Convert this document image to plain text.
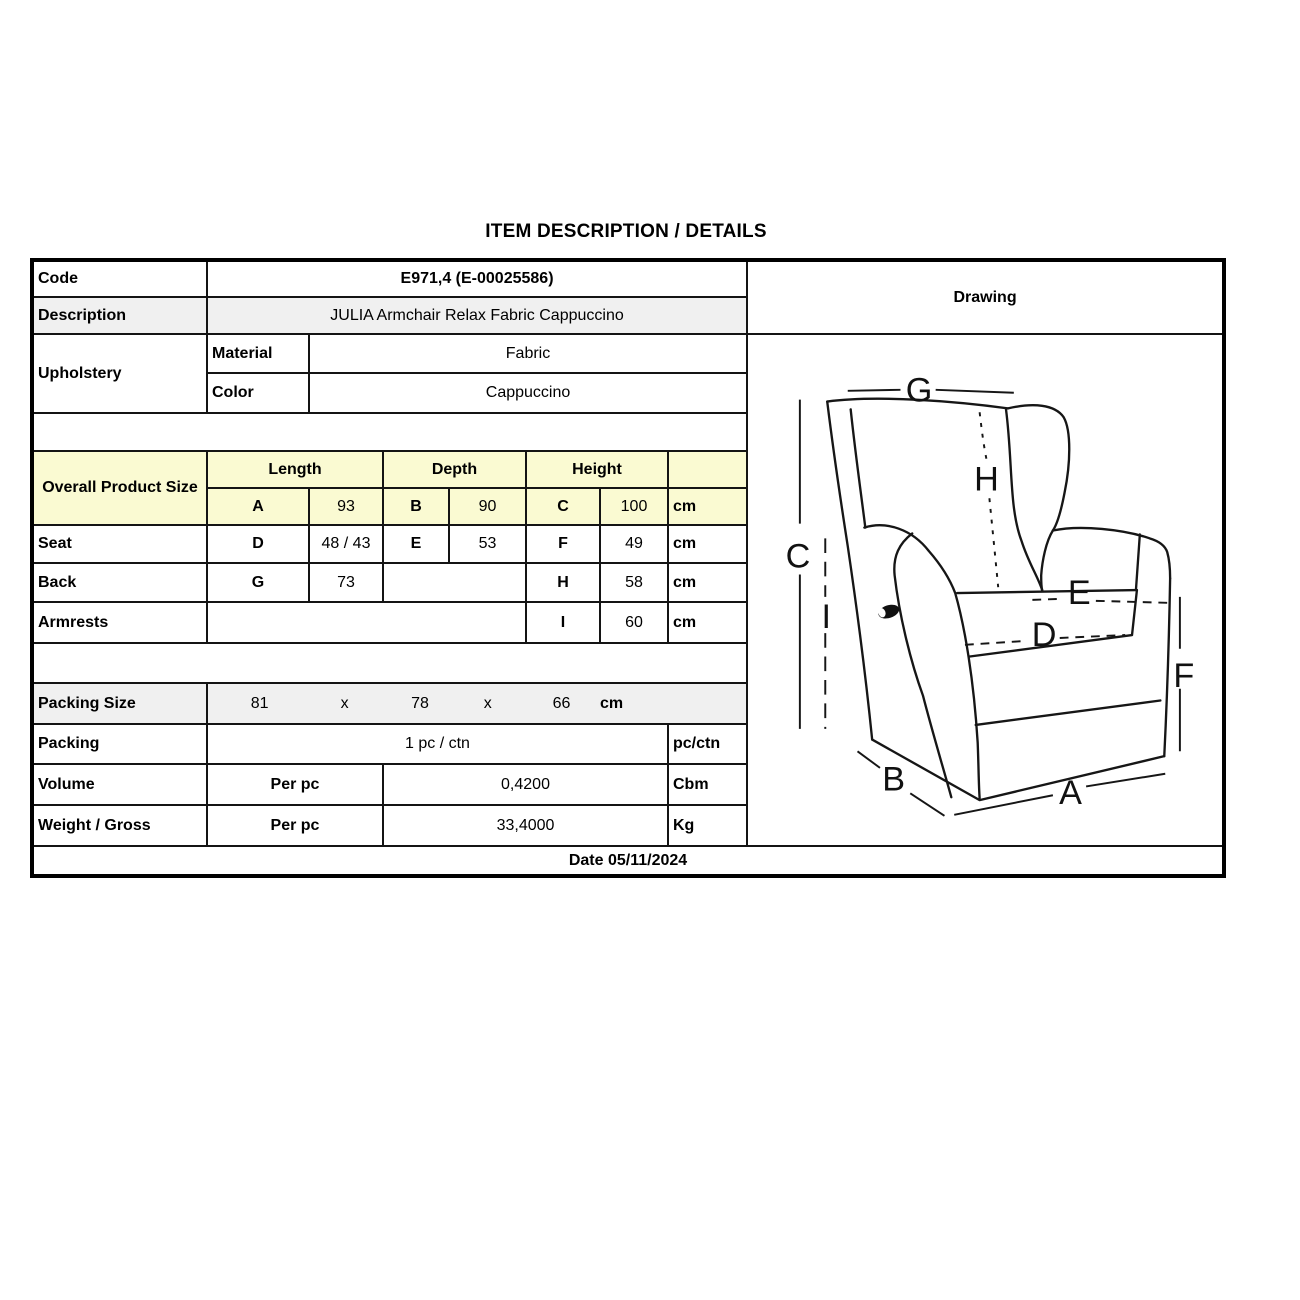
ITEM DESCRIPTION / DETAILS
Code	E971,4 (E-00025586)							Drawing
Description	JULIA Armchair Relax Fabric Cappuccino							
Upholstery	Material	Fabric	
G
H
C
I
E
D
F
B	A

	Color	Cappuccino						

Overall Product Size	Length		Depth		Height			
	A	93	B	90	C	100	cm	
Seat	D	48 / 43	E	53	F	49	cm	
Back	G	73			H	58	cm	
Armrests					I	60	cm	

Packing Size	81	x	78	x	66 cm

Packing	1 pc / ctn						pc/ctn	
Volume	Per pc		0,4200				Cbm	
Weight / Gross	Per pc		33,4000				Kg	
Date 05/11/2024								
